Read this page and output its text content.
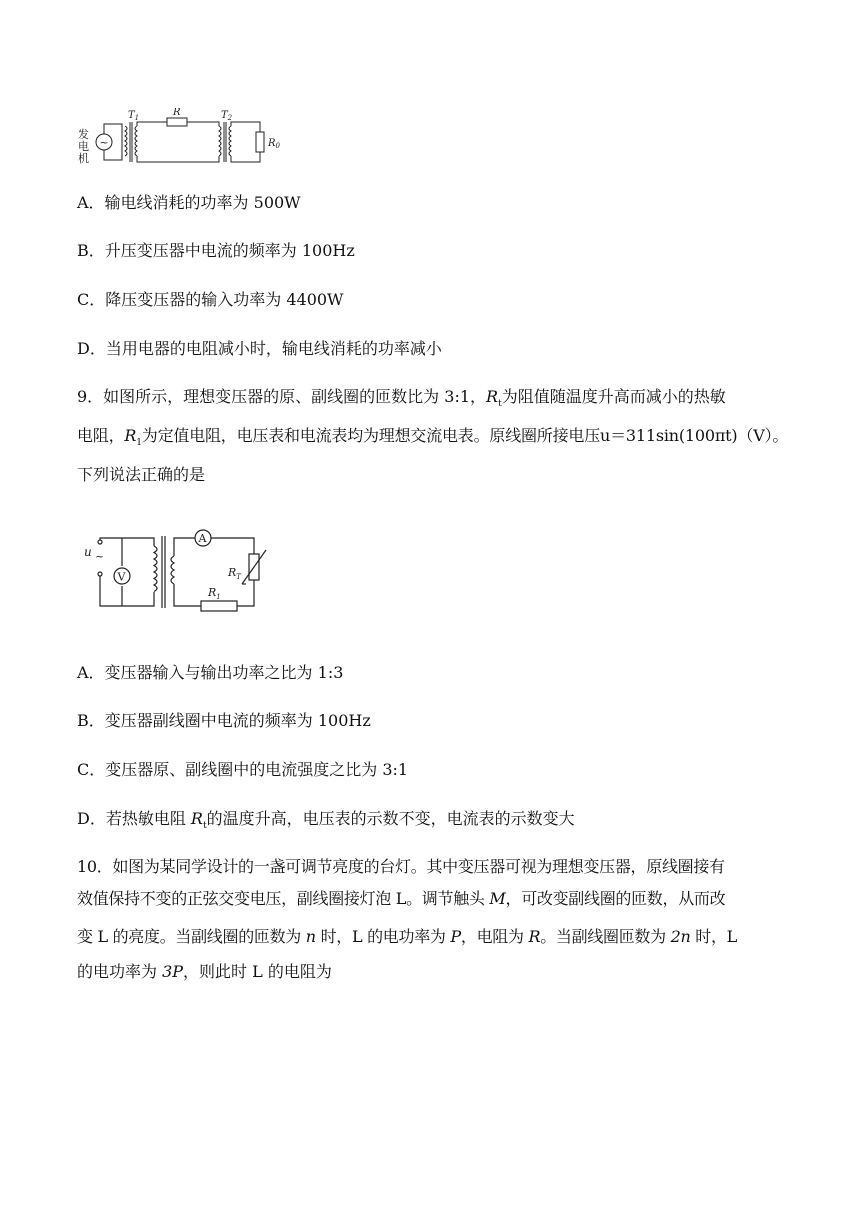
发
电
机
~
$T_1$	R	$T_2$
$R_0$
A．输电线消耗的功率为 500W
B．升压变压器中电流的频率为 100Hz
C．降压变压器的输入功率为 4400W
D．当用电器的电阻减小时，输电线消耗的功率减小
9．如图所示，理想变压器的原、副线圈的匝数比为 3:1，$R_t$为阻值随温度升高而减小的热敏
电阻，$R_1$为定值电阻，电压表和电流表均为理想交流电表。原线圈所接电压u＝311sin(100πt)（V）。
下列说法正确的是
u ~
V
A
$R_T$
$R_1$
A．变压器输入与输出功率之比为 1:3
B．变压器副线圈中电流的频率为 100Hz
C．变压器原、副线圈中的电流强度之比为 3:1
D．若热敏电阻 $R_t$的温度升高，电压表的示数不变，电流表的示数变大
10．如图为某同学设计的一盏可调节亮度的台灯。其中变压器可视为理想变压器，原线圈接有
效值保持不变的正弦交变电压，副线圈接灯泡 L。调节触头 M，可改变副线圈的匝数，从而改
变 L 的亮度。当副线圈的匝数为 n 时，L 的电功率为 P，电阻为 R。当副线圈匝数为 2n 时，L
的电功率为 3P，则此时 L 的电阻为
